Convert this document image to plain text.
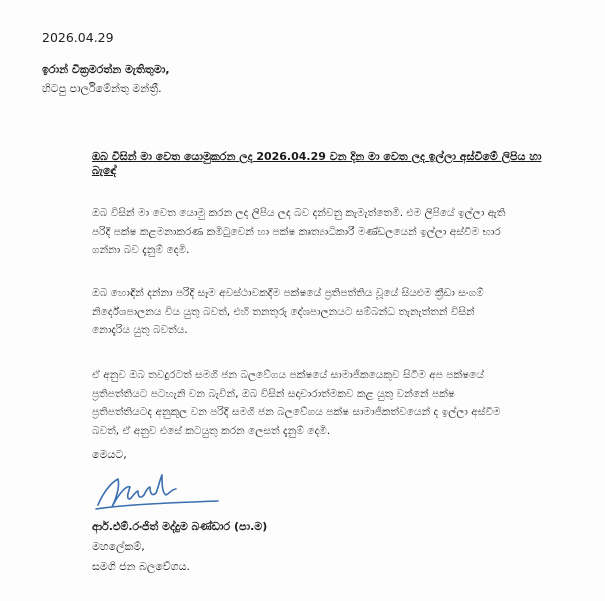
2026.04.29
ඉරාන් වික්‍රමරත්න මැතිතුමා,
හිටපු පාර්ලිමේන්තු මන්ත්‍රී.
ඔබ විසින් මා වෙත යොමුකරන ලද 2026.04.29 වන දින මා වෙත ලද ඉල්ලා අස්වීමේ ලිපිය හා
බැඳේ
ඔබ විසින් මා වෙත යොමු කරන ලද ලිපිය ලද බව දන්වනු කැමැත්තෙමි. එම ලිපියේ ඉල්ලා ඇති
පරිදි පක්ෂ කළමනාකරණ කමිටුවෙන් හා පක්ෂ කෘත්‍යාධිකාරී මණ්ඩලයෙන් ඉල්ලා අස්වීම භාර
ගන්නා බව දැනුම් දෙමි.
ඔබ හොඳින් දන්නා පරිදි සෑම අවස්ථාවකදීම පක්ෂයේ ප්‍රතිපත්තිය වූයේ සියළුම ක්‍රීඩා සංගම්
නිර්දේශපාලනය විය යුතු බවත්, එහි තනතුරු දේශපාලනයට සම්බන්ධ තැනැත්තන් විසින්
නොදැරිය යුතු බවත්ය.
ඒ අනුව ඔබ තවදුරටත් සමගි ජන බලවේගය පක්ෂයේ සාමාජිකයෙකුව සිටීම අප පක්ෂයේ
ප්‍රතිපත්තියට පටහැනි වන බැවින්, ඔබ විසින් සදාචාරාත්මකව කළ යුතු වන්නේ පක්ෂ
ප්‍රතිපත්තියටද අනුකූල වන පරිදි සමගි ජන බලවේගය පක්ෂ සාමාජිකත්වයෙන් ද ඉල්ලා අස්වීම
බවත්, ඒ අනුව එසේ කටයුතු කරන ලෙසත් දැනුම් දෙමි.
මෙයට,
ආර්.එම්.රංජිත් මද්දුම බණ්ඩාර (පා.ම)
මහලේකම්,
සමගි ජන බලවේගය.
